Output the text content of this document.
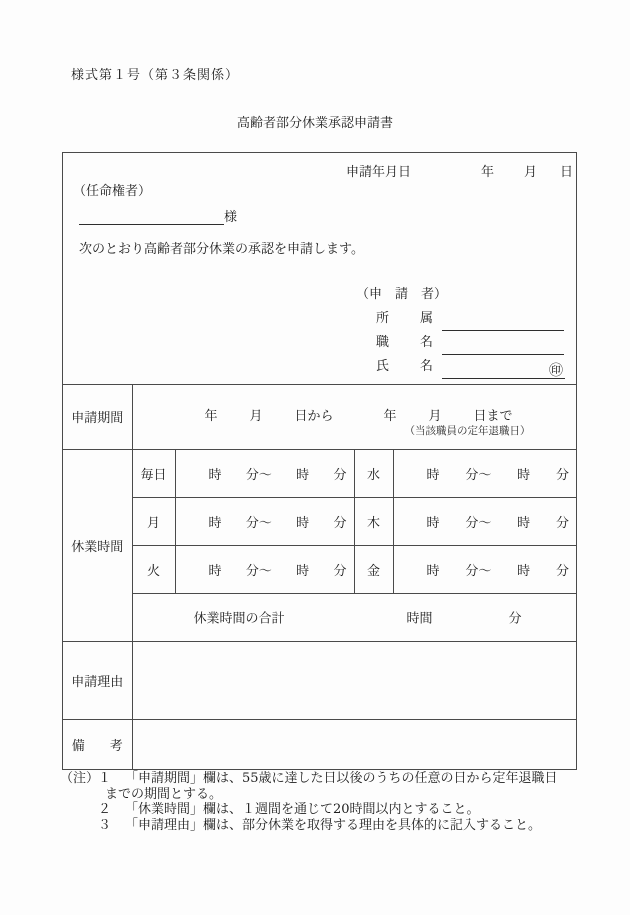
様式第１号（第３条関係）
高齢者部分休業承認申請書
申請年月日	年 月 日
（任命権者）
様
次のとおり高齢者部分休業の承認を申請します。
（申　請　者）
所　属
職　名
氏　名	㊞
申請期間	年 月 日から	年 月 日まで
（当該職員の定年退職日）

休業時間	毎日	時 分～ 時 分	水	時 分～ 時 分

	月	時 分～ 時 分	木	時 分～ 時 分

	火	時 分～ 時 分	金	時 分～ 時 分

	休業時間の合計 時間 分			

申請理由				
備　考				
（注）
１	「申請期間」欄は、55歳に達した日以後のうちの任意の日から定年退職日までの期間とする。
２	「休業時間」欄は、１週間を通じて20時間以内とすること。
３	「申請理由」欄は、部分休業を取得する理由を具体的に記入すること。
